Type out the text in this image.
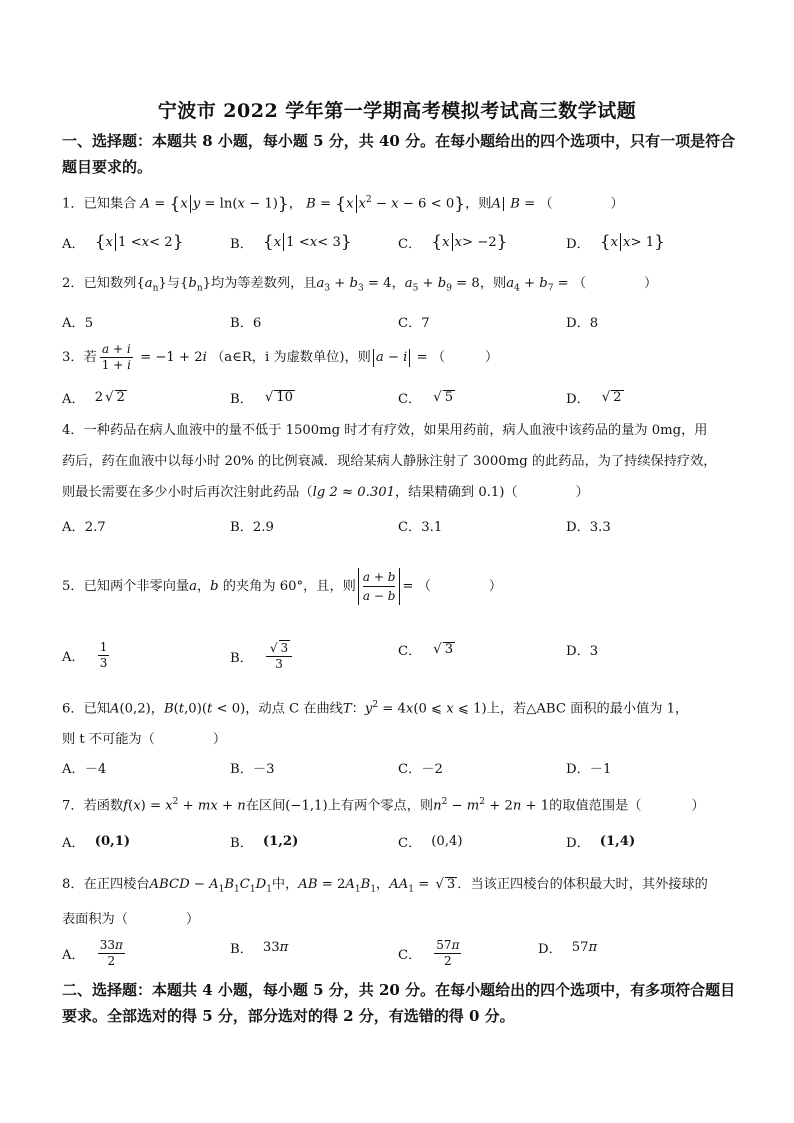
宁波市 2022 学年第一学期高考模拟考试高三数学试题
一、选择题：本题共 8 小题，每小题 5 分，共 40 分。在每小题给出的四个选项中，只有一项是符合题目要求的。
1．已知集合 A = {x y = ln(x − 1)}， B = {x $x^2 - x - 6 < 0$}，则A B = （	）
A． { x 1 < x < 2 }	B． { x 1 < x < 3 }	C． { x x > −2 }	D． { x x > 1 }
2．已知数列$\{a_n\}$与$\{b_n\}$均为等差数列，且$a_3 + b_3 = 4$，$a_5 + b_9 = 8$，则$a_4 + b_7$ = （	）
A．5	B．6	C．7	D．8
3．若 $\frac{a + i}{1 + i} = -1 + 2i$ （a∈R，i 为虚数单位)，则 a − i = （	）
A． 2 √ 2	B． √ 10	C． √ 5	D． √ 2
4．一种药品在病人血液中的量不低于 1500mg 时才有疗效，如果用药前，病人血液中该药品的量为 0mg，用
药后，药在血液中以每小时 20% 的比例衰减．现给某病人静脉注射了 3000mg 的此药品，为了持续保持疗效，
则最长需要在多少小时后再次注射此药品（lg 2 ≈ 0.301，结果精确到 0.1)（	）
A．2.7	B．2.9	C．3.1	D．3.3
5．已知两个非零向量a，b 的夹角为 60°，且，则 $\frac{a + b}{a - b}$ = （	）
A． $\frac{1}{3}$	B． $\frac{√ 3}{3}$	C． √ 3	D．3
6．已知A(0,2)，B(t,0)(t < 0)，动点 C 在曲线T：$y^2 = 4x(0$ ⩽ x ⩽ 1)上，若△ABC 面积的最小值为 1，
则 t 不可能为（	）
A．－4	B．－3	C．－2	D．－1
7．若函数$f(x) = x^2$ + mx + n在区间(−1,1)上有两个零点，则$n^2 - m^2 + 2n + 1$的取值范围是（	）
A． (0,1)	B． (1,2)	C． (0,4)	D． (1,4)
8．在正四棱台ABCD − $A_1B_1C_1D_1$中，AB = $2A_1B_1$，$AA_1$ = √ 3 ．当该正四棱台的体积最大时，其外接球的
表面积为（	）
A． $\frac{33\pi}{2}$	B． 33 π
C． $\frac{57\pi}{2}$	D． 57 π
二、选择题：本题共 4 小题，每小题 5 分，共 20 分。在每小题给出的四个选项中，有多项符合题目要求。全部选对的得 5 分，部分选对的得 2 分，有选错的得 0 分。
